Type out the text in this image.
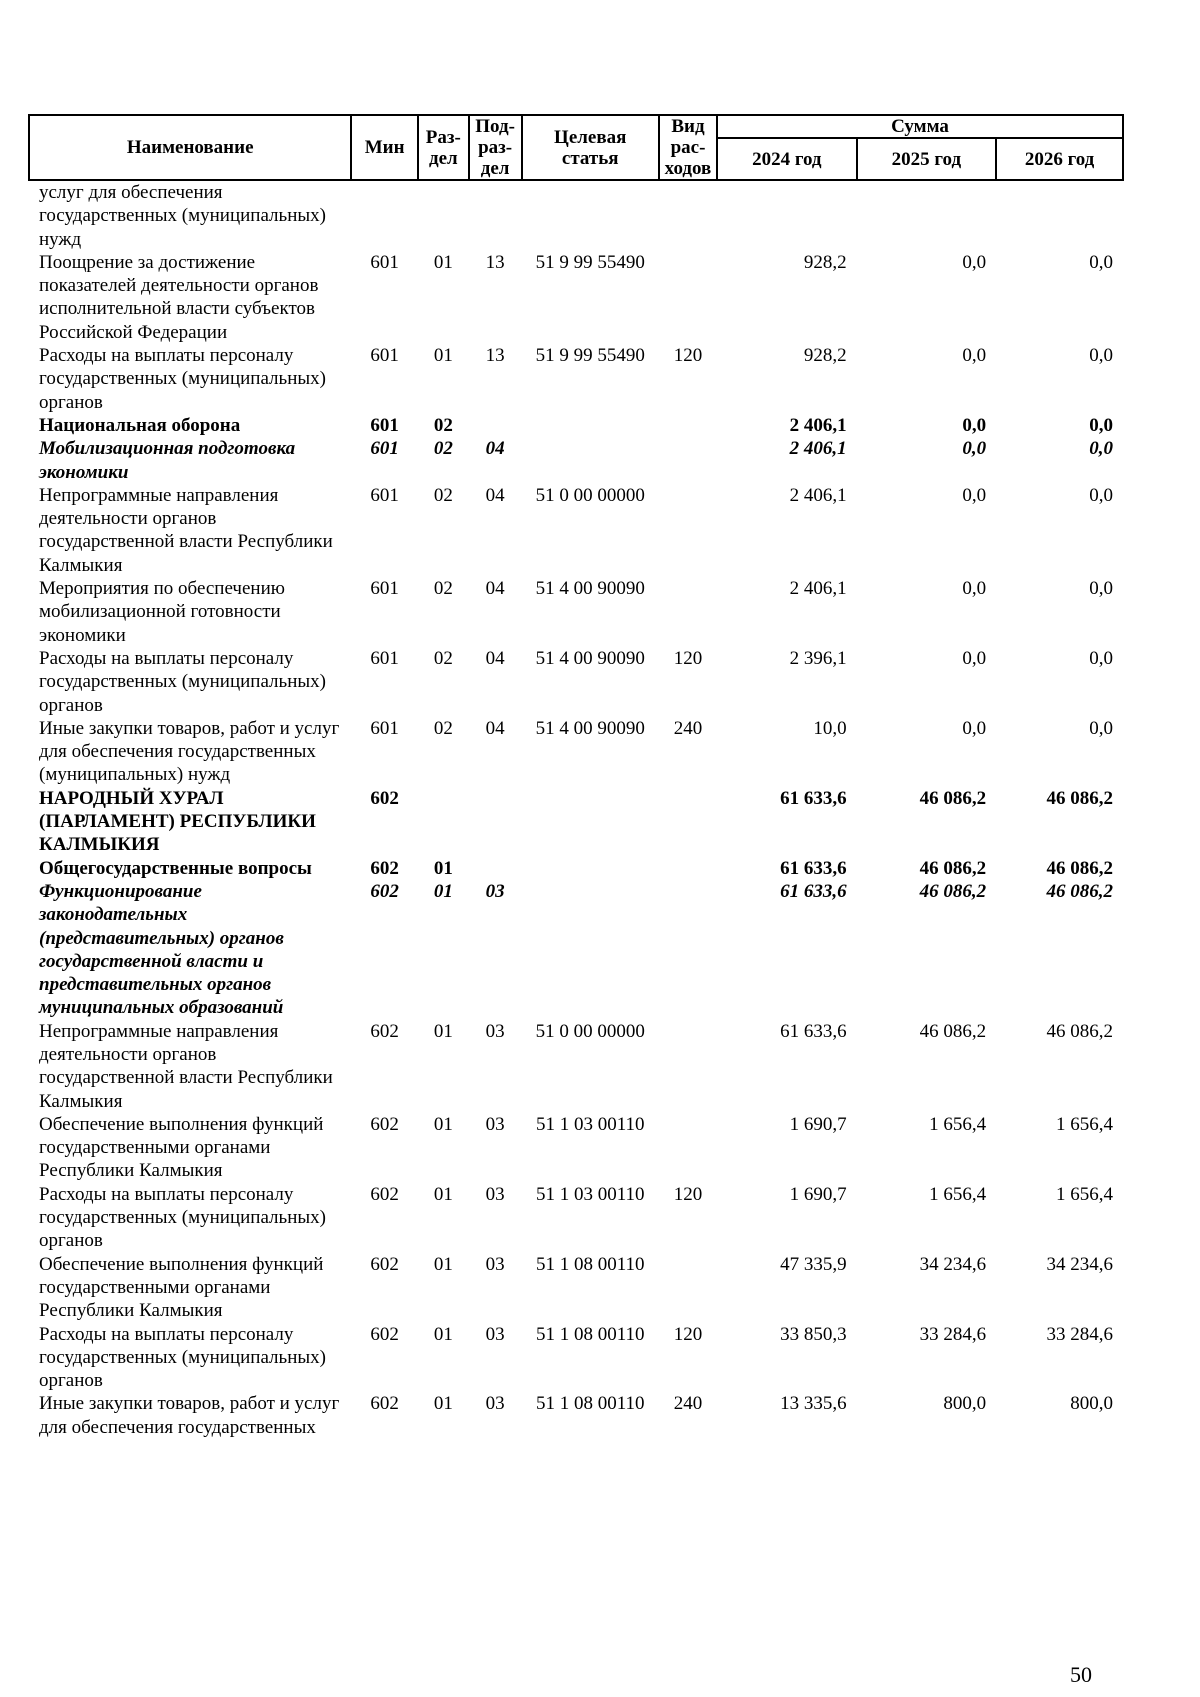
Наименование	Мин	Раз-дел	Под-раз-дел	Целевая статья	Вид рас-ходов	Сумма		
						2024 год	2025 год	2026 год
услуг для обеспечения государственных (муниципальных) нужд								
Поощрение за достижение показателей деятельности органов исполнительной власти субъектов Российской Федерации	601	01	13	51 9 99 55490		928,2	0,0	0,0
Расходы на выплаты персоналу государственных (муниципальных) органов	601	01	13	51 9 99 55490	120	928,2	0,0	0,0
Национальная оборона	601	02				2 406,1	0,0	0,0
Мобилизационная подготовка экономики	601	02	04			2 406,1	0,0	0,0
Непрограммные направления деятельности органов государственной власти Республики Калмыкия	601	02	04	51 0 00 00000		2 406,1	0,0	0,0
Мероприятия по обеспечению мобилизационной готовности экономики	601	02	04	51 4 00 90090		2 406,1	0,0	0,0
Расходы на выплаты персоналу государственных (муниципальных) органов	601	02	04	51 4 00 90090	120	2 396,1	0,0	0,0
Иные закупки товаров, работ и услуг для обеспечения государственных (муниципальных) нужд	601	02	04	51 4 00 90090	240	10,0	0,0	0,0
НАРОДНЫЙ ХУРАЛ (ПАРЛАМЕНТ) РЕСПУБЛИКИ КАЛМЫКИЯ	602					61 633,6	46 086,2	46 086,2
Общегосударственные вопросы	602	01				61 633,6	46 086,2	46 086,2
Функционирование законодательных (представительных) органов государственной власти и представительных органов муниципальных образований	602	01	03			61 633,6	46 086,2	46 086,2
Непрограммные направления деятельности органов государственной власти Республики Калмыкия	602	01	03	51 0 00 00000		61 633,6	46 086,2	46 086,2
Обеспечение выполнения функций государственными органами Республики Калмыкия	602	01	03	51 1 03 00110		1 690,7	1 656,4	1 656,4
Расходы на выплаты персоналу государственных (муниципальных) органов	602	01	03	51 1 03 00110	120	1 690,7	1 656,4	1 656,4
Обеспечение выполнения функций государственными органами Республики Калмыкия	602	01	03	51 1 08 00110		47 335,9	34 234,6	34 234,6
Расходы на выплаты персоналу государственных (муниципальных) органов	602	01	03	51 1 08 00110	120	33 850,3	33 284,6	33 284,6
Иные закупки товаров, работ и услуг для обеспечения государственных	602	01	03	51 1 08 00110	240	13 335,6	800,0	800,0
50
